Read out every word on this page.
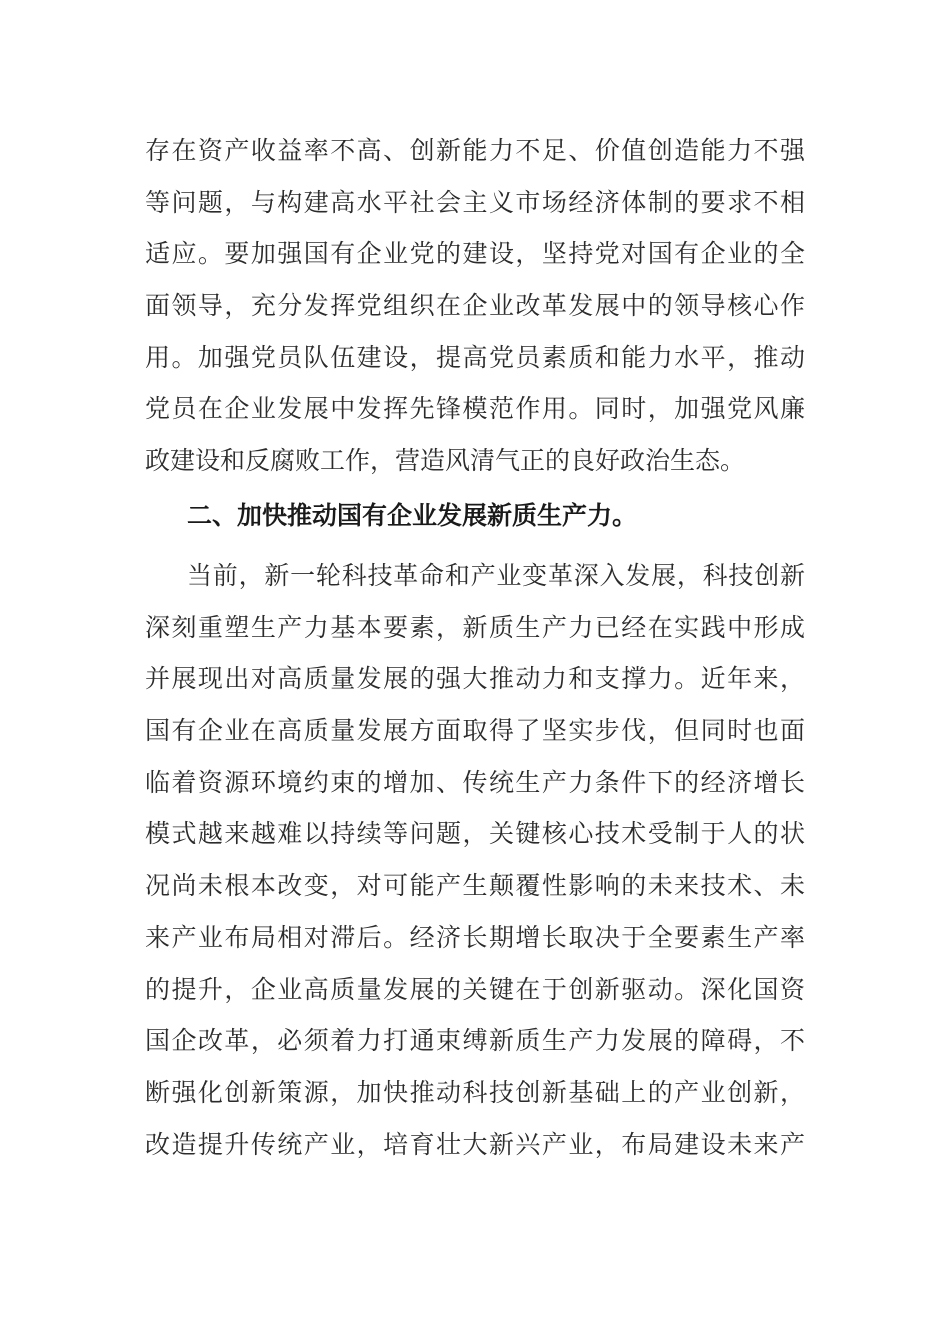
存在资产收益率不高、创新能力不足、价值创造能力不强
等问题，与构建高水平社会主义市场经济体制的要求不相
适应。要加强国有企业党的建设，坚持党对国有企业的全
面领导，充分发挥党组织在企业改革发展中的领导核心作
用。加强党员队伍建设，提高党员素质和能力水平，推动
党员在企业发展中发挥先锋模范作用。同时，加强党风廉
政建设和反腐败工作，营造风清气正的良好政治生态。
二、加快推动国有企业发展新质生产力。
当前，新一轮科技革命和产业变革深入发展，科技创新
深刻重塑生产力基本要素，新质生产力已经在实践中形成
并展现出对高质量发展的强大推动力和支撑力。近年来，
国有企业在高质量发展方面取得了坚实步伐，但同时也面
临着资源环境约束的增加、传统生产力条件下的经济增长
模式越来越难以持续等问题，关键核心技术受制于人的状
况尚未根本改变，对可能产生颠覆性影响的未来技术、未
来产业布局相对滞后。经济长期增长取决于全要素生产率
的提升，企业高质量发展的关键在于创新驱动。深化国资
国企改革，必须着力打通束缚新质生产力发展的障碍，不
断强化创新策源，加快推动科技创新基础上的产业创新，
改造提升传统产业，培育壮大新兴产业，布局建设未来产
